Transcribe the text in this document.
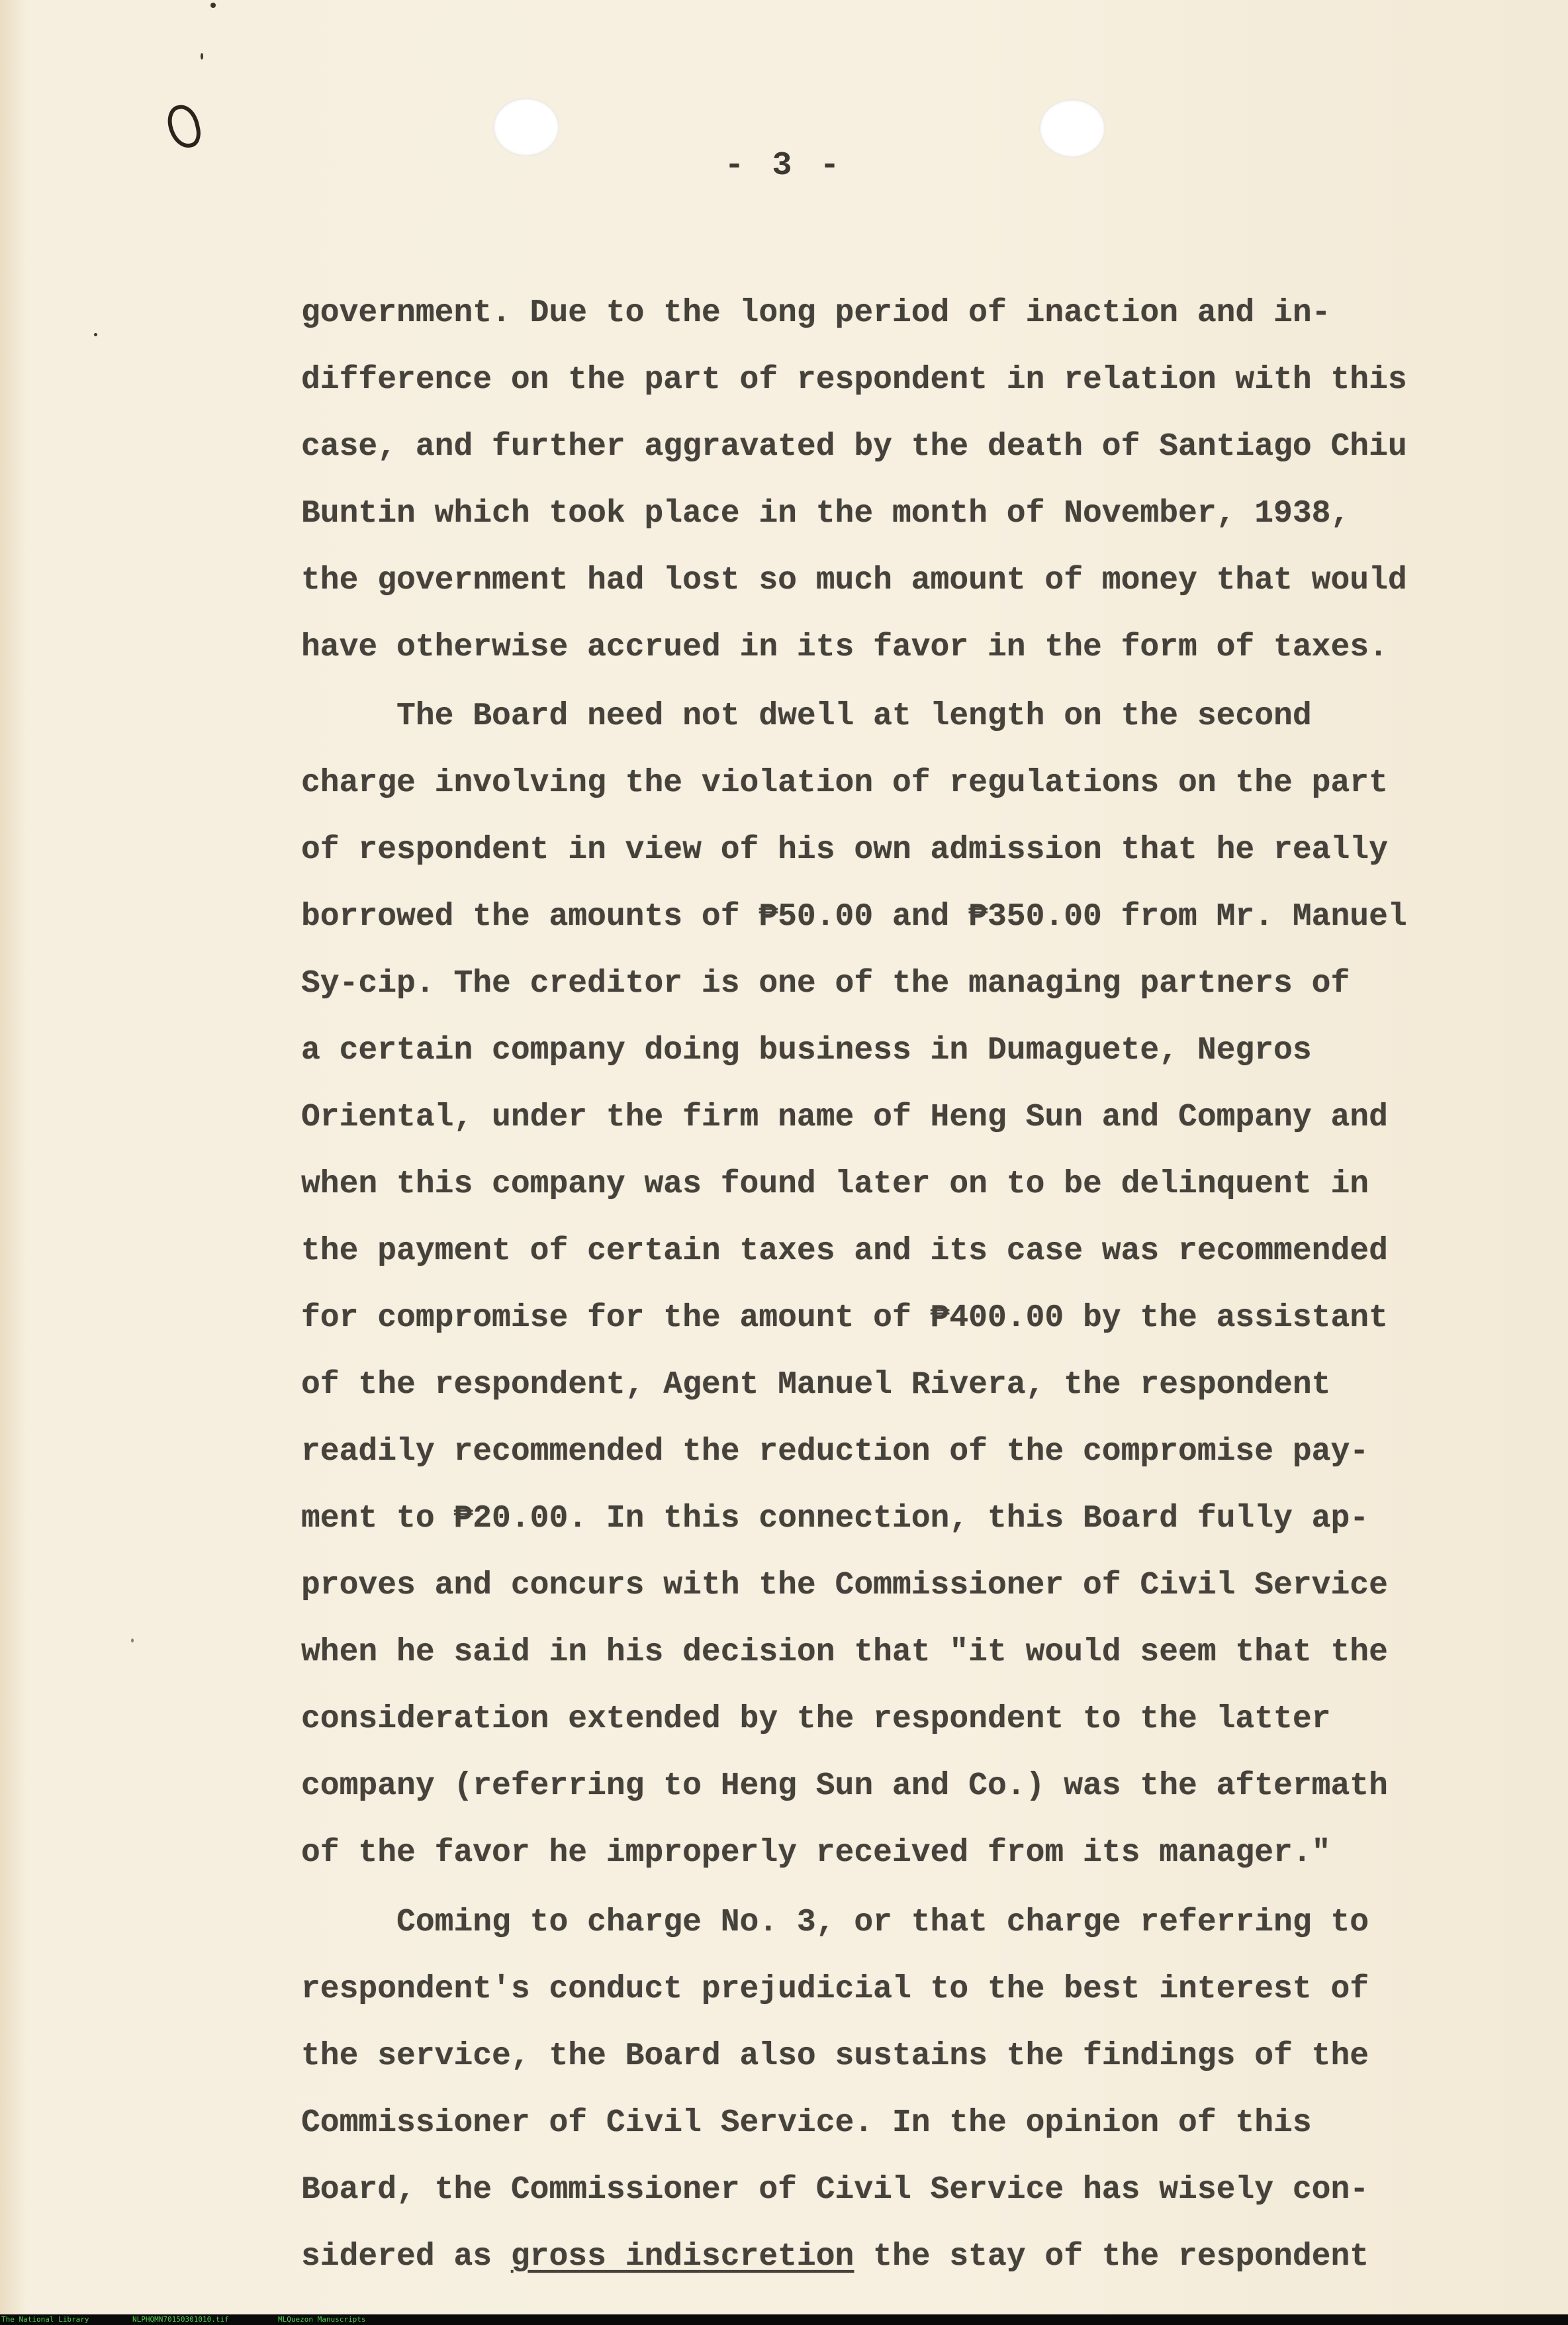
- 3 -
government. Due to the long period of inaction and in-
difference on the part of respondent in relation with this
case, and further aggravated by the death of Santiago Chiu
Buntin which took place in the month of November, 1938,
the government had lost so much amount of money that would
have otherwise accrued in its favor in the form of taxes.
The Board need not dwell at length on the second
charge involving the violation of regulations on the part
of respondent in view of his own admission that he really
borrowed the amounts of ₱50.00 and ₱350.00 from Mr. Manuel
Sy-cip. The creditor is one of the managing partners of
a certain company doing business in Dumaguete, Negros
Oriental, under the firm name of Heng Sun and Company and
when this company was found later on to be delinquent in
the payment of certain taxes and its case was recommended
for compromise for the amount of ₱400.00 by the assistant
of the respondent, Agent Manuel Rivera, the respondent
readily recommended the reduction of the compromise pay-
ment to ₱20.00. In this connection, this Board fully ap-
proves and concurs with the Commissioner of Civil Service
when he said in his decision that "it would seem that the
consideration extended by the respondent to the latter
company (referring to Heng Sun and Co.) was the aftermath
of the favor he improperly received from its manager."
Coming to charge No. 3, or that charge referring to
respondent's conduct prejudicial to the best interest of
the service, the Board also sustains the findings of the
Commissioner of Civil Service. In the opinion of this
Board, the Commissioner of Civil Service has wisely con-
sidered as gross indiscretion the stay of the respondent
The National Library	NLPHQMN70150301010.tif	MLQuezon Manuscripts
